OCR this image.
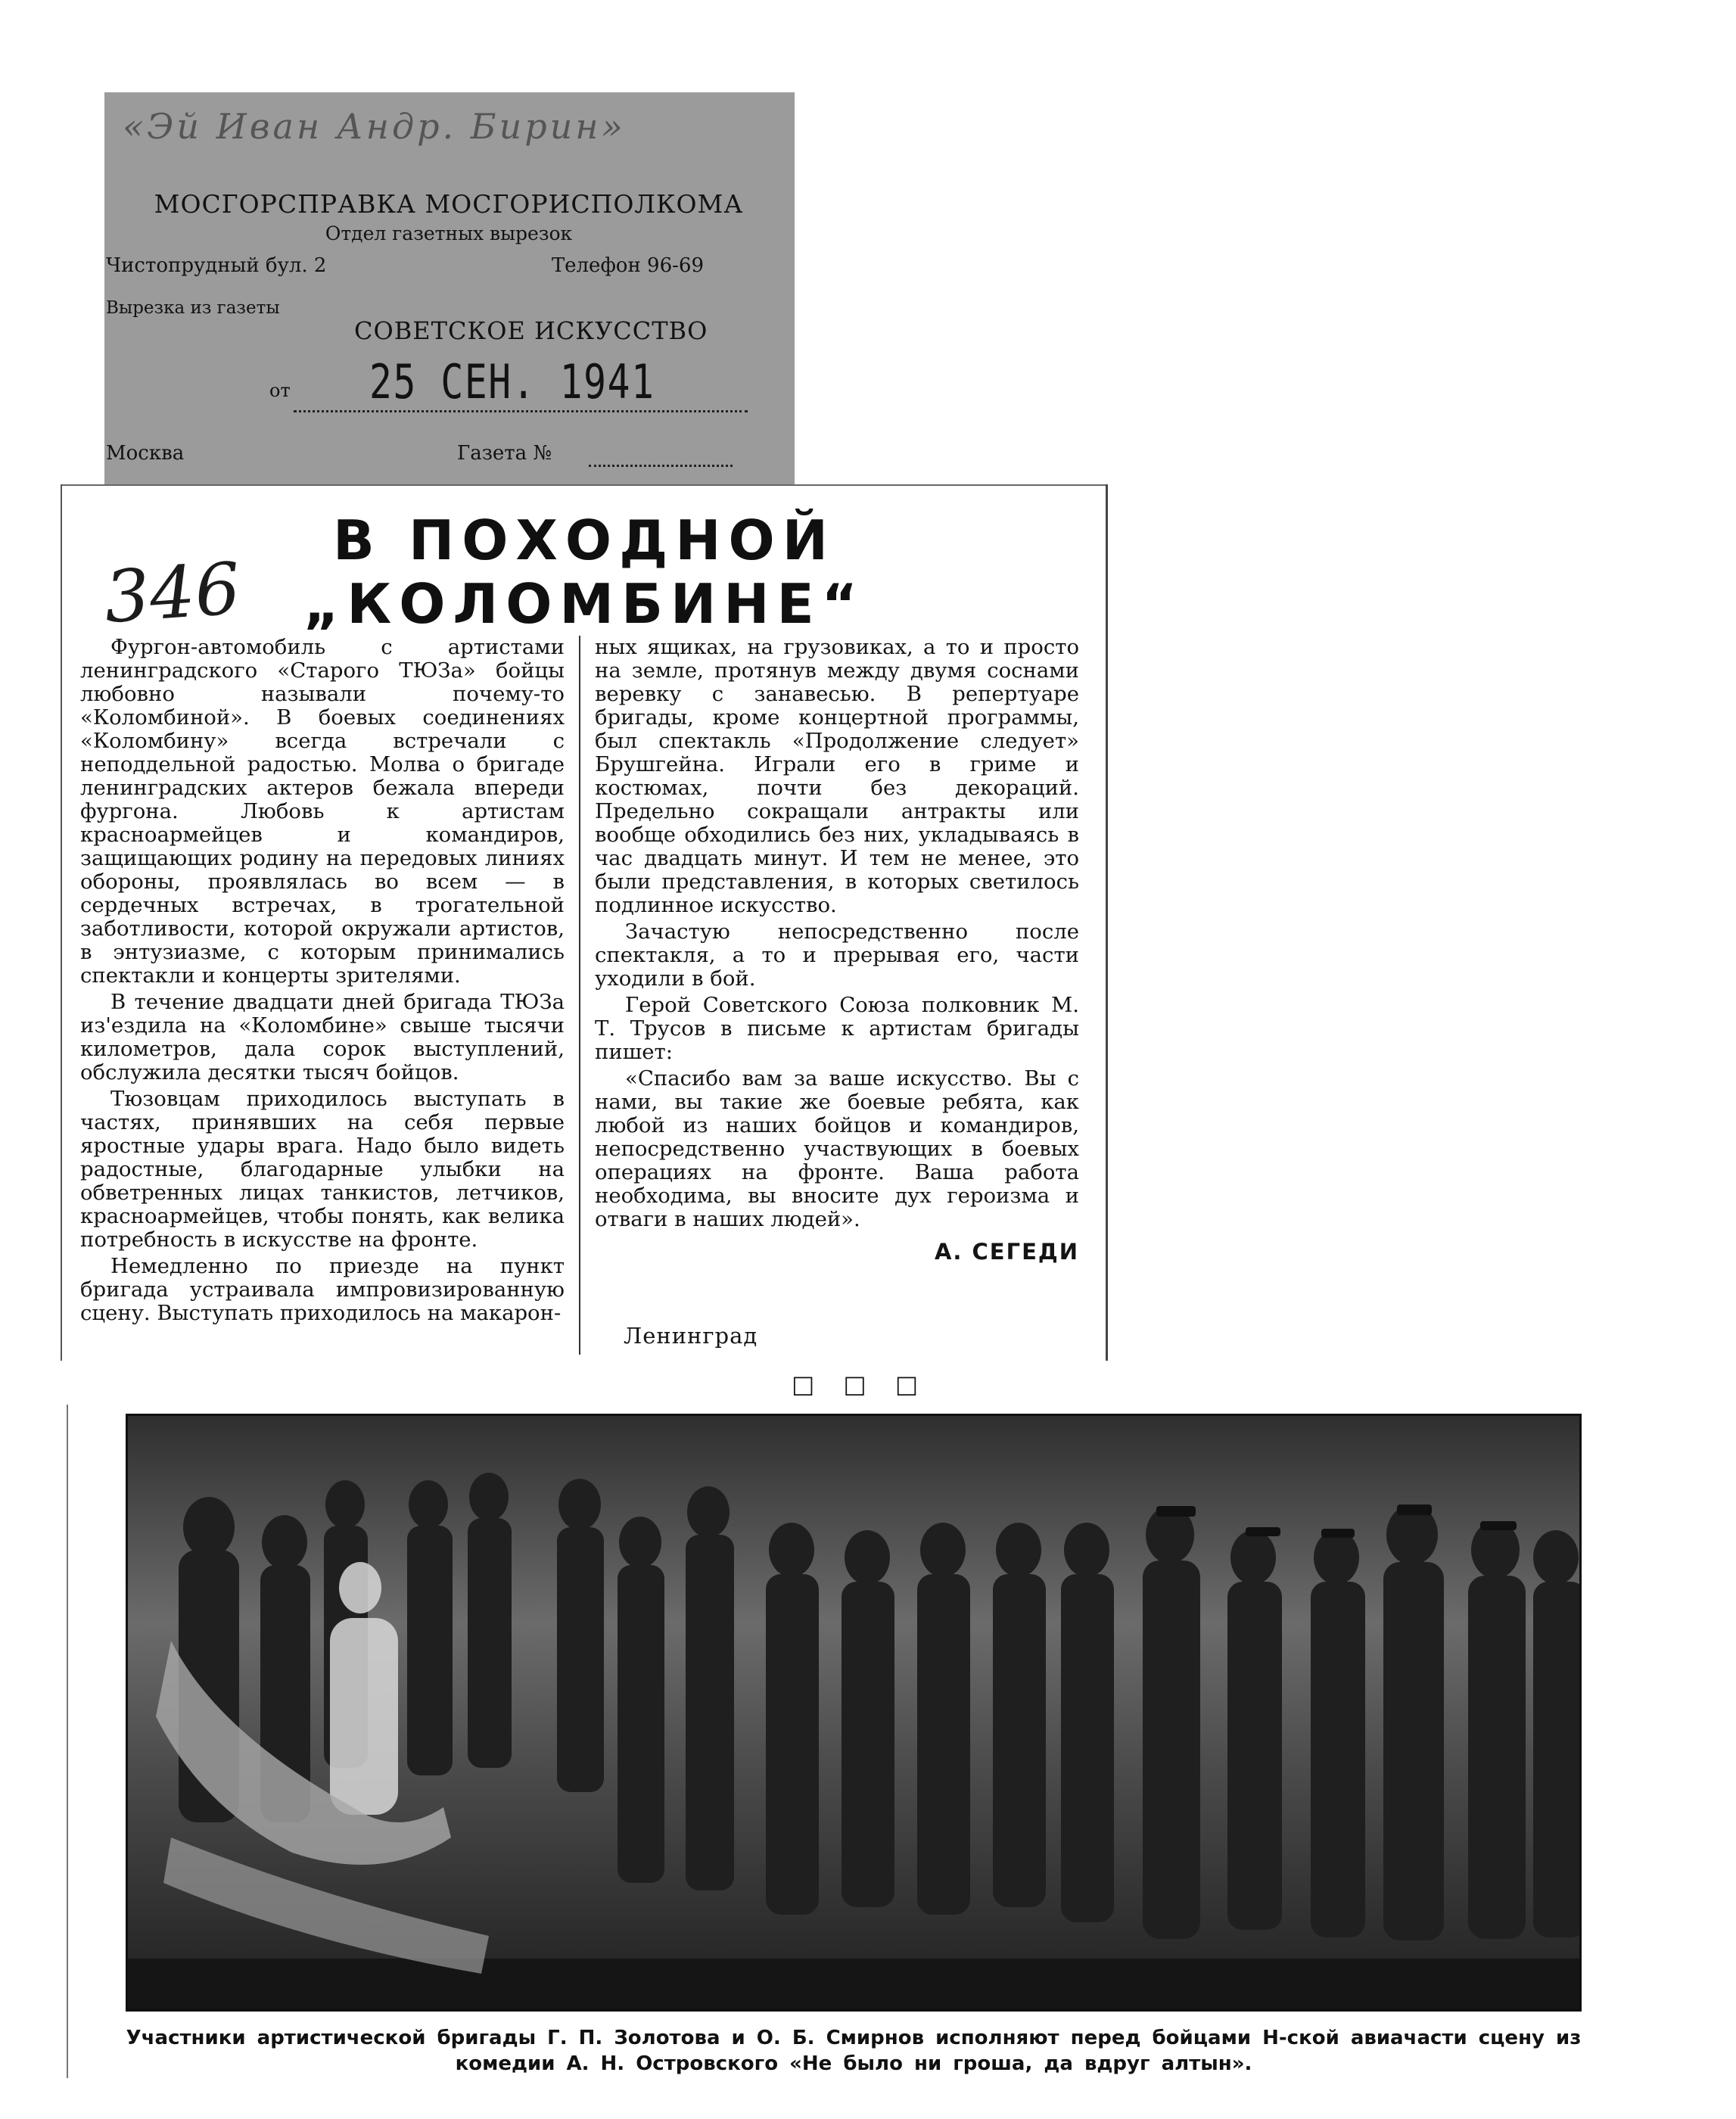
«Эй Иван Андр. Бирин»
МОСГОРСПРАВКА МОСГОРИСПОЛКОМА
Отдел газетных вырезок
Чистопрудный бул. 2	Телефон 96-69
Вырезка из газеты
СОВЕТСКОЕ ИСКУССТВО
от 25 СЕН. 1941
Москва	Газета №
В ПОХОДНОЙ
„КОЛОМБИНЕ“
346

Фургон-автомобиль с артистами ленинградского «Старого ТЮЗа» бойцы любовно называли почему-то «Коломбиной». В боевых соединениях «Коломбину» всегда встречали с неподдельной радостью. Молва о бригаде ленинградских актеров бежала впереди фургона. Любовь к артистам красноармейцев и командиров, защищающих родину на передовых линиях обороны, проявлялась во всем — в сердечных встречах, в трогательной заботливости, которой окружали артистов, в энтузиазме, с которым принимались спектакли и концерты зрителями.

В течение двадцати дней бригада ТЮЗа из'ездила на «Коломбине» свыше тысячи километров, дала сорок выступлений, обслужила десятки тысяч бойцов.

Тюзовцам приходилось выступать в частях, принявших на себя первые яростные удары врага. Надо было видеть радостные, благодарные улыбки на обветренных лицах танкистов, летчиков, красноармейцев, чтобы понять, как велика потребность в искусстве на фронте.

Немедленно по приезде на пункт бригада устраивала импровизированную сцену. Выступать приходилось на макарон-

ных ящиках, на грузовиках, а то и просто на земле, протянув между двумя соснами веревку с занавесью. В репертуаре бригады, кроме концертной программы, был спектакль «Продолжение следует» Брушгейна. Играли его в гриме и костюмах, почти без декораций. Предельно сокращали антракты или вообще обходились без них, укладываясь в час двадцать минут. И тем не менее, это были представления, в которых светилось подлинное искусство.

Зачастую непосредственно после спектакля, а то и прерывая его, части уходили в бой.

Герой Советского Союза полковник М. Т. Трусов в письме к артистам бригады пишет:

«Спасибо вам за ваше искусство. Вы с нами, вы такие же боевые ребята, как любой из наших бойцов и командиров, непосредственно участвующих в боевых операциях на фронте. Ваша работа необходима, вы вносите дух героизма и отваги в наших людей».

А. СЕГЕДИ
Ленинград
□ □ □
Участники артистической бригады Г. П. Золотова и О. Б. Смирнов исполняют перед бойцами Н-ской авиачасти сцену из комедии А. Н. Островского «Не было ни гроша, да вдруг алтын».
